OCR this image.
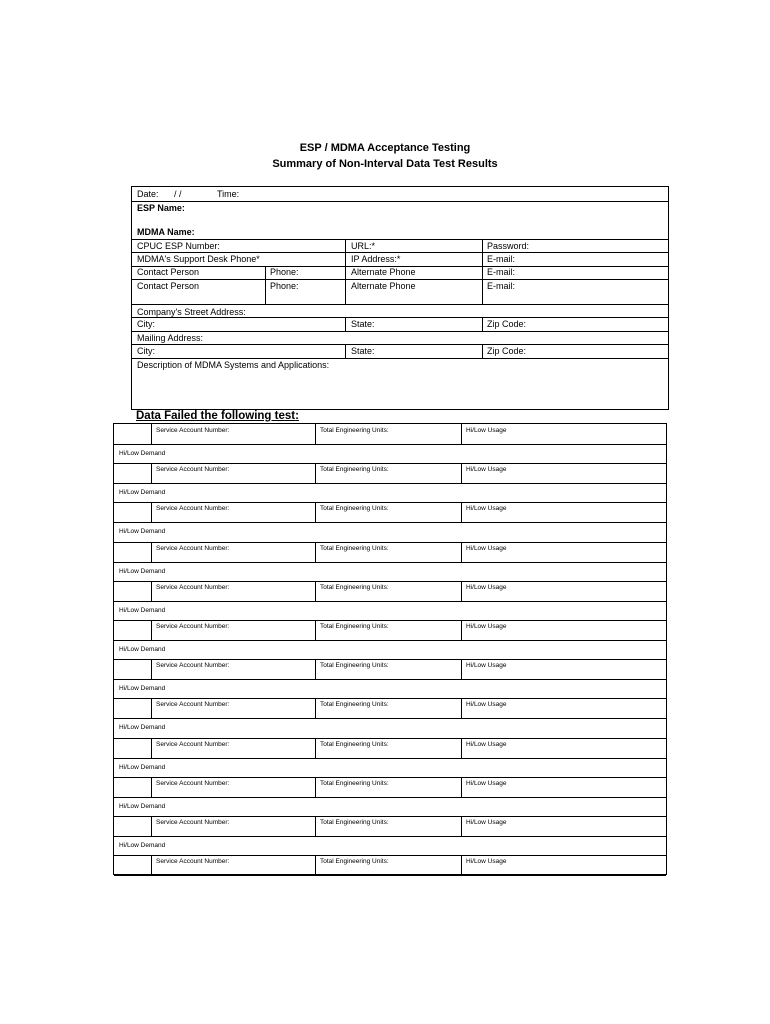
ESP / MDMA Acceptance Testing
Summary of Non-Interval Data Test Results
Date: / /	Time:
ESP Name:
MDMA Name:
CPUC ESP Number:	URL:*	Password:
MDMA's Support Desk Phone*	IP Address:*	E-mail:
Contact Person	Phone:	Alternate Phone	E-mail:
Contact Person	Phone:	Alternate Phone	E-mail:
Company's Street Address:
City:	State:	Zip Code:
Mailing Address:
City:	State:	Zip Code:
Description of MDMA Systems and Applications:
Data Failed the following test:
Service Account Number:	Total Engineering Units:	Hi/Low Usage
Hi/Low Demand
Service Account Number:	Total Engineering Units:	Hi/Low Usage
Hi/Low Demand
Service Account Number:	Total Engineering Units:	Hi/Low Usage
Hi/Low Demand
Service Account Number:	Total Engineering Units:	Hi/Low Usage
Hi/Low Demand
Service Account Number:	Total Engineering Units:	Hi/Low Usage
Hi/Low Demand
Service Account Number:	Total Engineering Units:	Hi/Low Usage
Hi/Low Demand
Service Account Number:	Total Engineering Units:	Hi/Low Usage
Hi/Low Demand
Service Account Number:	Total Engineering Units:	Hi/Low Usage
Hi/Low Demand
Service Account Number:	Total Engineering Units:	Hi/Low Usage
Hi/Low Demand
Service Account Number:	Total Engineering Units:	Hi/Low Usage
Hi/Low Demand
Service Account Number:	Total Engineering Units:	Hi/Low Usage
Hi/Low Demand
Service Account Number:	Total Engineering Units:	Hi/Low Usage
